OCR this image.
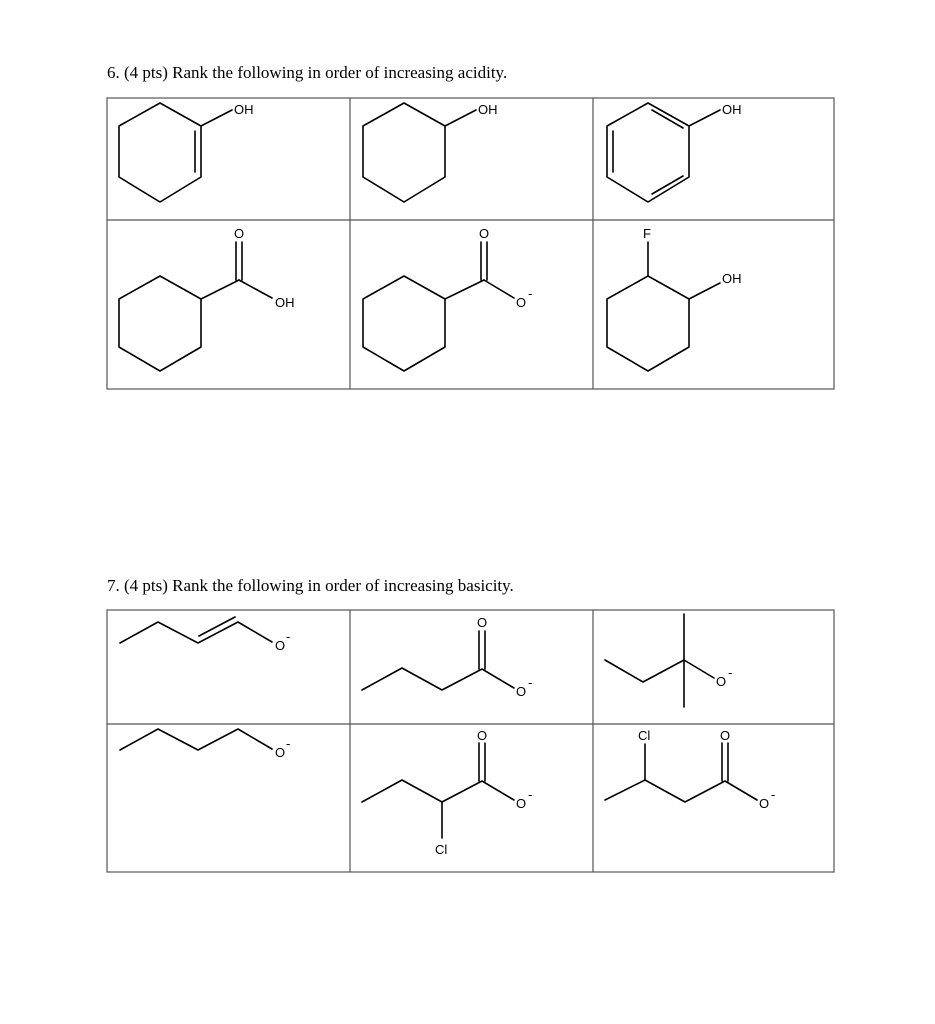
6. (4 pts) Rank the following in order of increasing acidity.
7. (4 pts) Rank the following in order of increasing basicity.
OH	OH	OH
O
OH
O
O
-
F
OH
O
-
O
O
-	O
-
O
-
O
O
-
Cl
Cl	O
O
-
